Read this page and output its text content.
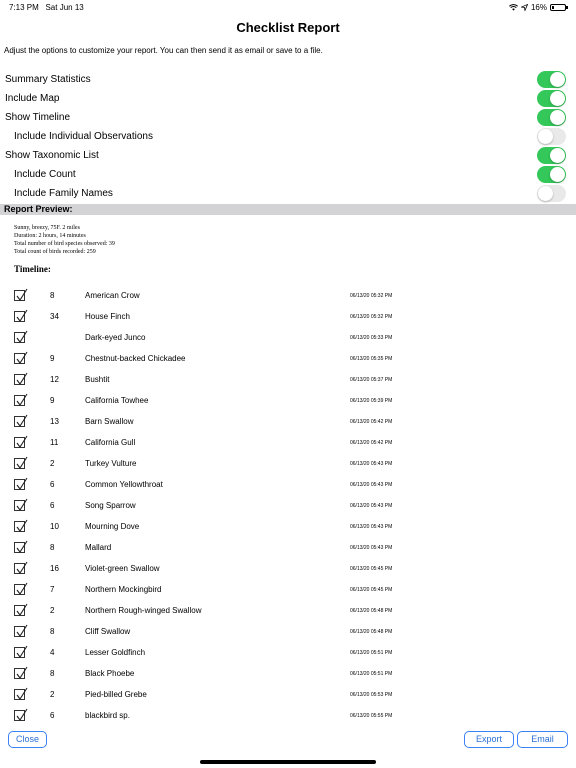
7:13 PM Sat Jun 13	16%
Checklist Report
Adjust the options to customize your report. You can then send it as email or save to a file.
Summary Statistics
Include Map
Show Timeline
Include Individual Observations
Show Taxonomic List
Include Count
Include Family Names
Report Preview:
Sunny, breezy, 75F. 2 miles
Duration: 2 hours, 14 minutes
Total number of bird species observed: 39
Total count of birds recorded: 259
Timeline:
8	American Crow	06/13/20 05:32 PM
34	House Finch	06/13/20 05:32 PM
Dark-eyed Junco	06/13/20 05:33 PM
9	Chestnut-backed Chickadee	06/13/20 05:35 PM
12	Bushtit	06/13/20 05:37 PM
9	California Towhee	06/13/20 05:39 PM
13	Barn Swallow	06/13/20 05:42 PM
11	California Gull	06/13/20 05:42 PM
2	Turkey Vulture	06/13/20 05:43 PM
6	Common Yellowthroat	06/13/20 05:43 PM
6	Song Sparrow	06/13/20 05:43 PM
10	Mourning Dove	06/13/20 05:43 PM
8	Mallard	06/13/20 05:43 PM
16	Violet-green Swallow	06/13/20 05:45 PM
7	Northern Mockingbird	06/13/20 05:45 PM
2	Northern Rough-winged Swallow	06/13/20 05:48 PM
8	Cliff Swallow	06/13/20 05:48 PM
4	Lesser Goldfinch	06/13/20 05:51 PM
8	Black Phoebe	06/13/20 05:51 PM
2	Pied-billed Grebe	06/13/20 05:53 PM
6	blackbird sp.	06/13/20 05:55 PM
Close	Export	Email
